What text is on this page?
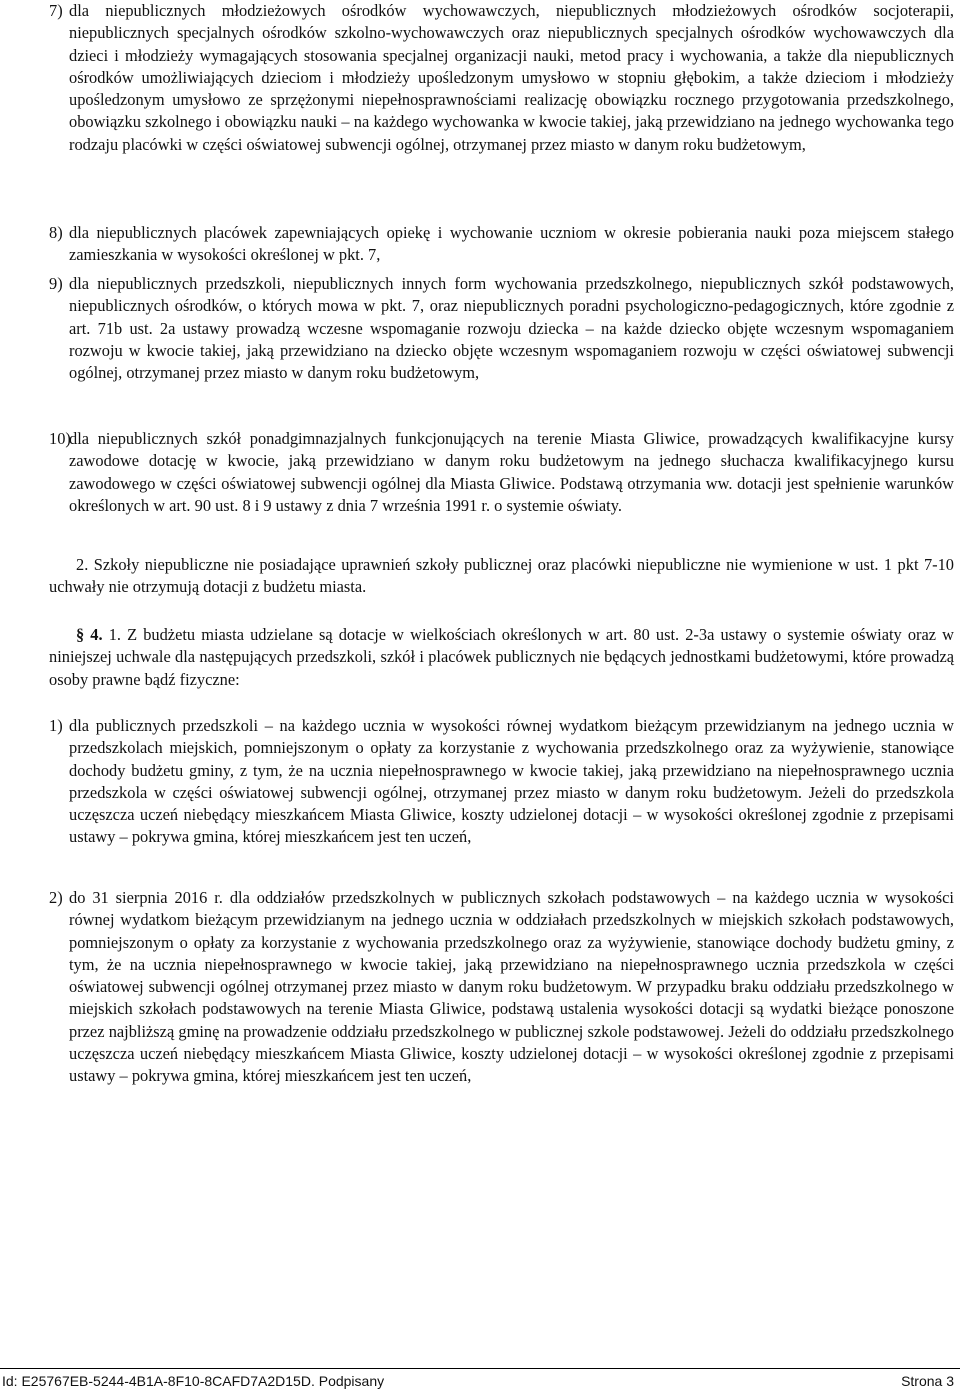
7) dla niepublicznych młodzieżowych ośrodków wychowawczych, niepublicznych młodzieżowych ośrodków socjoterapii, niepublicznych specjalnych ośrodków szkolno-wychowawczych oraz niepublicznych specjalnych ośrodków wychowawczych dla dzieci i młodzieży wymagających stosowania specjalnej organizacji nauki, metod pracy i wychowania, a także dla niepublicznych ośrodków umożliwiających dzieciom i młodzieży upośledzonym umysłowo w stopniu głębokim, a także dzieciom i młodzieży upośledzonym umysłowo ze sprzężonymi niepełnosprawnościami realizację obowiązku rocznego przygotowania przedszkolnego, obowiązku szkolnego i obowiązku nauki – na każdego wychowanka w kwocie takiej, jaką przewidziano na jednego wychowanka tego rodzaju placówki w części oświatowej subwencji ogólnej, otrzymanej przez miasto w danym roku budżetowym,
8) dla niepublicznych placówek zapewniających opiekę i wychowanie uczniom w okresie pobierania nauki poza miejscem stałego zamieszkania w wysokości określonej w pkt. 7,
9) dla niepublicznych przedszkoli, niepublicznych innych form wychowania przedszkolnego, niepublicznych szkół podstawowych, niepublicznych ośrodków, o których mowa w pkt. 7, oraz niepublicznych poradni psychologiczno-pedagogicznych, które zgodnie z art. 71b ust. 2a ustawy prowadzą wczesne wspomaganie rozwoju dziecka – na każde dziecko objęte wczesnym wspomaganiem rozwoju w kwocie takiej, jaką przewidziano na dziecko objęte wczesnym wspomaganiem rozwoju w części oświatowej subwencji ogólnej, otrzymanej przez miasto w danym roku budżetowym,
10)
dla niepublicznych szkół ponadgimnazjalnych funkcjonujących na terenie Miasta Gliwice, prowadzących kwalifikacyjne kursy zawodowe dotację w kwocie, jaką przewidziano w danym roku budżetowym na jednego słuchacza kwalifikacyjnego kursu zawodowego w części oświatowej subwencji ogólnej dla Miasta Gliwice. Podstawą otrzymania ww. dotacji jest spełnienie warunków określonych w art. 90 ust. 8 i 9 ustawy z dnia 7 września 1991 r. o systemie oświaty.
2. Szkoły niepubliczne nie posiadające uprawnień szkoły publicznej oraz placówki niepubliczne nie wymienione w ust. 1 pkt 7-10 uchwały nie otrzymują dotacji z budżetu miasta.
§ 4. 1. Z budżetu miasta udzielane są dotacje w wielkościach określonych w art. 80 ust. 2-3a ustawy o systemie oświaty oraz w niniejszej uchwale dla następujących przedszkoli, szkół i placówek publicznych nie będących jednostkami budżetowymi, które prowadzą osoby prawne bądź fizyczne:
1) dla publicznych przedszkoli – na każdego ucznia w wysokości równej wydatkom bieżącym przewidzianym na jednego ucznia w przedszkolach miejskich, pomniejszonym o opłaty za korzystanie z wychowania przedszkolnego oraz za wyżywienie, stanowiące dochody budżetu gminy, z tym, że na ucznia niepełnosprawnego w kwocie takiej, jaką przewidziano na niepełnosprawnego ucznia przedszkola w części oświatowej subwencji ogólnej, otrzymanej przez miasto w danym roku budżetowym. Jeżeli do przedszkola uczęszcza uczeń niebędący mieszkańcem Miasta Gliwice, koszty udzielonej dotacji – w wysokości określonej zgodnie z przepisami ustawy – pokrywa gmina, której mieszkańcem jest ten uczeń,
2) do 31 sierpnia 2016 r. dla oddziałów przedszkolnych w publicznych szkołach podstawowych – na każdego ucznia w wysokości równej wydatkom bieżącym przewidzianym na jednego ucznia w oddziałach przedszkolnych w miejskich szkołach podstawowych, pomniejszonym o opłaty za korzystanie z wychowania przedszkolnego oraz za wyżywienie, stanowiące dochody budżetu gminy, z tym, że na ucznia niepełnosprawnego w kwocie takiej, jaką przewidziano na niepełnosprawnego ucznia przedszkola w części oświatowej subwencji ogólnej otrzymanej przez miasto w danym roku budżetowym. W przypadku braku oddziału przedszkolnego w miejskich szkołach podstawowych na terenie Miasta Gliwice, podstawą ustalenia wysokości dotacji są wydatki bieżące ponoszone przez najbliższą gminę na prowadzenie oddziału przedszkolnego w publicznej szkole podstawowej. Jeżeli do oddziału przedszkolnego uczęszcza uczeń niebędący mieszkańcem Miasta Gliwice, koszty udzielonej dotacji – w wysokości określonej zgodnie z przepisami ustawy – pokrywa gmina, której mieszkańcem jest ten uczeń,
Id: E25767EB-5244-4B1A-8F10-8CAFD7A2D15D. Podpisany	Strona 3
